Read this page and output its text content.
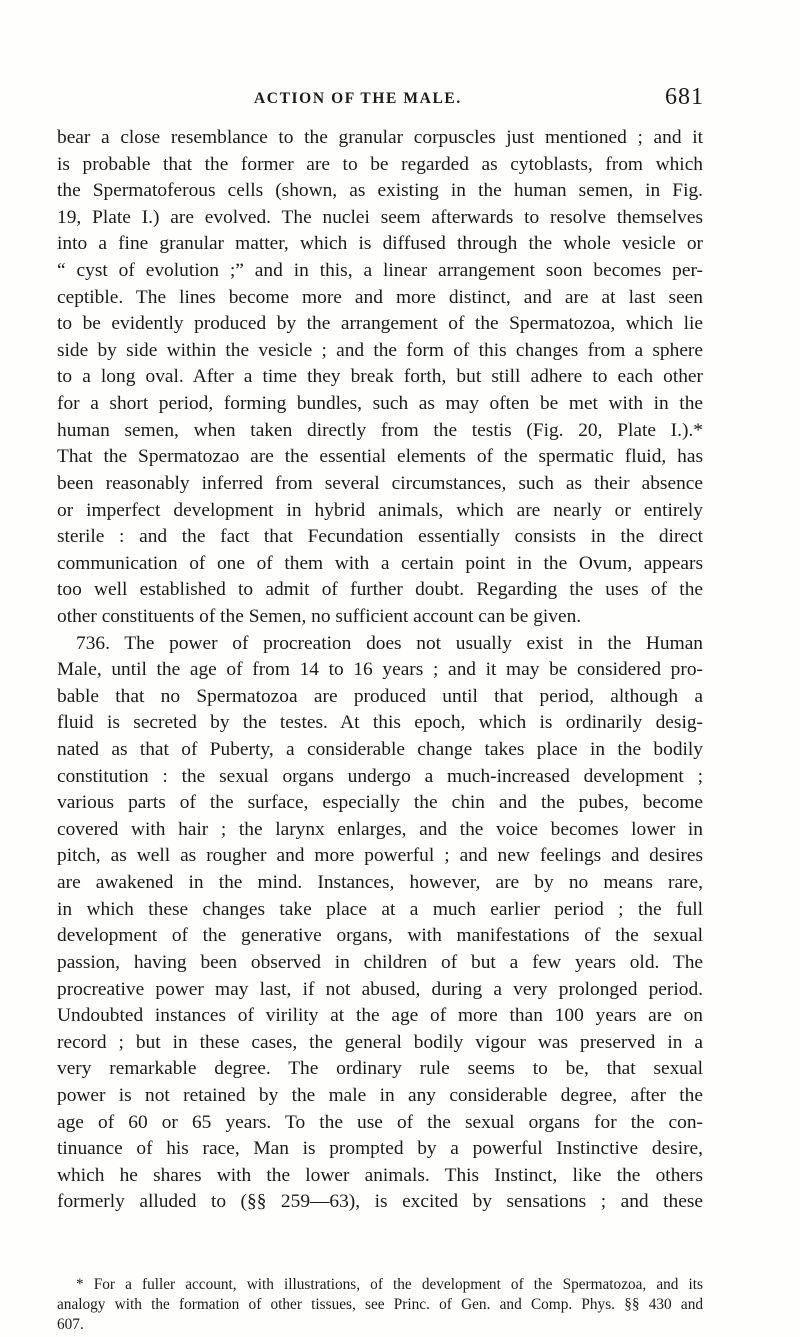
ACTION OF THE MALE.	681
bear a close resemblance to the granular corpuscles just mentioned ; and it
is probable that the former are to be regarded as cytoblasts, from which
the Spermatoferous cells (shown, as existing in the human semen, in Fig.
19, Plate I.) are evolved. The nuclei seem afterwards to resolve themselves
into a fine granular matter, which is diffused through the whole vesicle or
“ cyst of evolution ;” and in this, a linear arrangement soon becomes per-
ceptible. The lines become more and more distinct, and are at last seen
to be evidently produced by the arrangement of the Spermatozoa, which lie
side by side within the vesicle ; and the form of this changes from a sphere
to a long oval. After a time they break forth, but still adhere to each other
for a short period, forming bundles, such as may often be met with in the
human semen, when taken directly from the testis (Fig. 20, Plate I.).*
That the Spermatozao are the essential elements of the spermatic fluid, has
been reasonably inferred from several circumstances, such as their absence
or imperfect development in hybrid animals, which are nearly or entirely
sterile : and the fact that Fecundation essentially consists in the direct
communication of one of them with a certain point in the Ovum, appears
too well established to admit of further doubt. Regarding the uses of the
other constituents of the Semen, no sufficient account can be given.
736. The power of procreation does not usually exist in the Human
Male, until the age of from 14 to 16 years ; and it may be considered pro-
bable that no Spermatozoa are produced until that period, although a
fluid is secreted by the testes. At this epoch, which is ordinarily desig-
nated as that of Puberty, a considerable change takes place in the bodily
constitution : the sexual organs undergo a much-increased development ;
various parts of the surface, especially the chin and the pubes, become
covered with hair ; the larynx enlarges, and the voice becomes lower in
pitch, as well as rougher and more powerful ; and new feelings and desires
are awakened in the mind. Instances, however, are by no means rare,
in which these changes take place at a much earlier period ; the full
development of the generative organs, with manifestations of the sexual
passion, having been observed in children of but a few years old. The
procreative power may last, if not abused, during a very prolonged period.
Undoubted instances of virility at the age of more than 100 years are on
record ; but in these cases, the general bodily vigour was preserved in a
very remarkable degree. The ordinary rule seems to be, that sexual
power is not retained by the male in any considerable degree, after the
age of 60 or 65 years. To the use of the sexual organs for the con-
tinuance of his race, Man is prompted by a powerful Instinctive desire,
which he shares with the lower animals. This Instinct, like the others
formerly alluded to (§§ 259—63), is excited by sensations ; and these
* For a fuller account, with illustrations, of the development of the Spermatozoa, and its
analogy with the formation of other tissues, see Princ. of Gen. and Comp. Phys. §§ 430 and
607.
